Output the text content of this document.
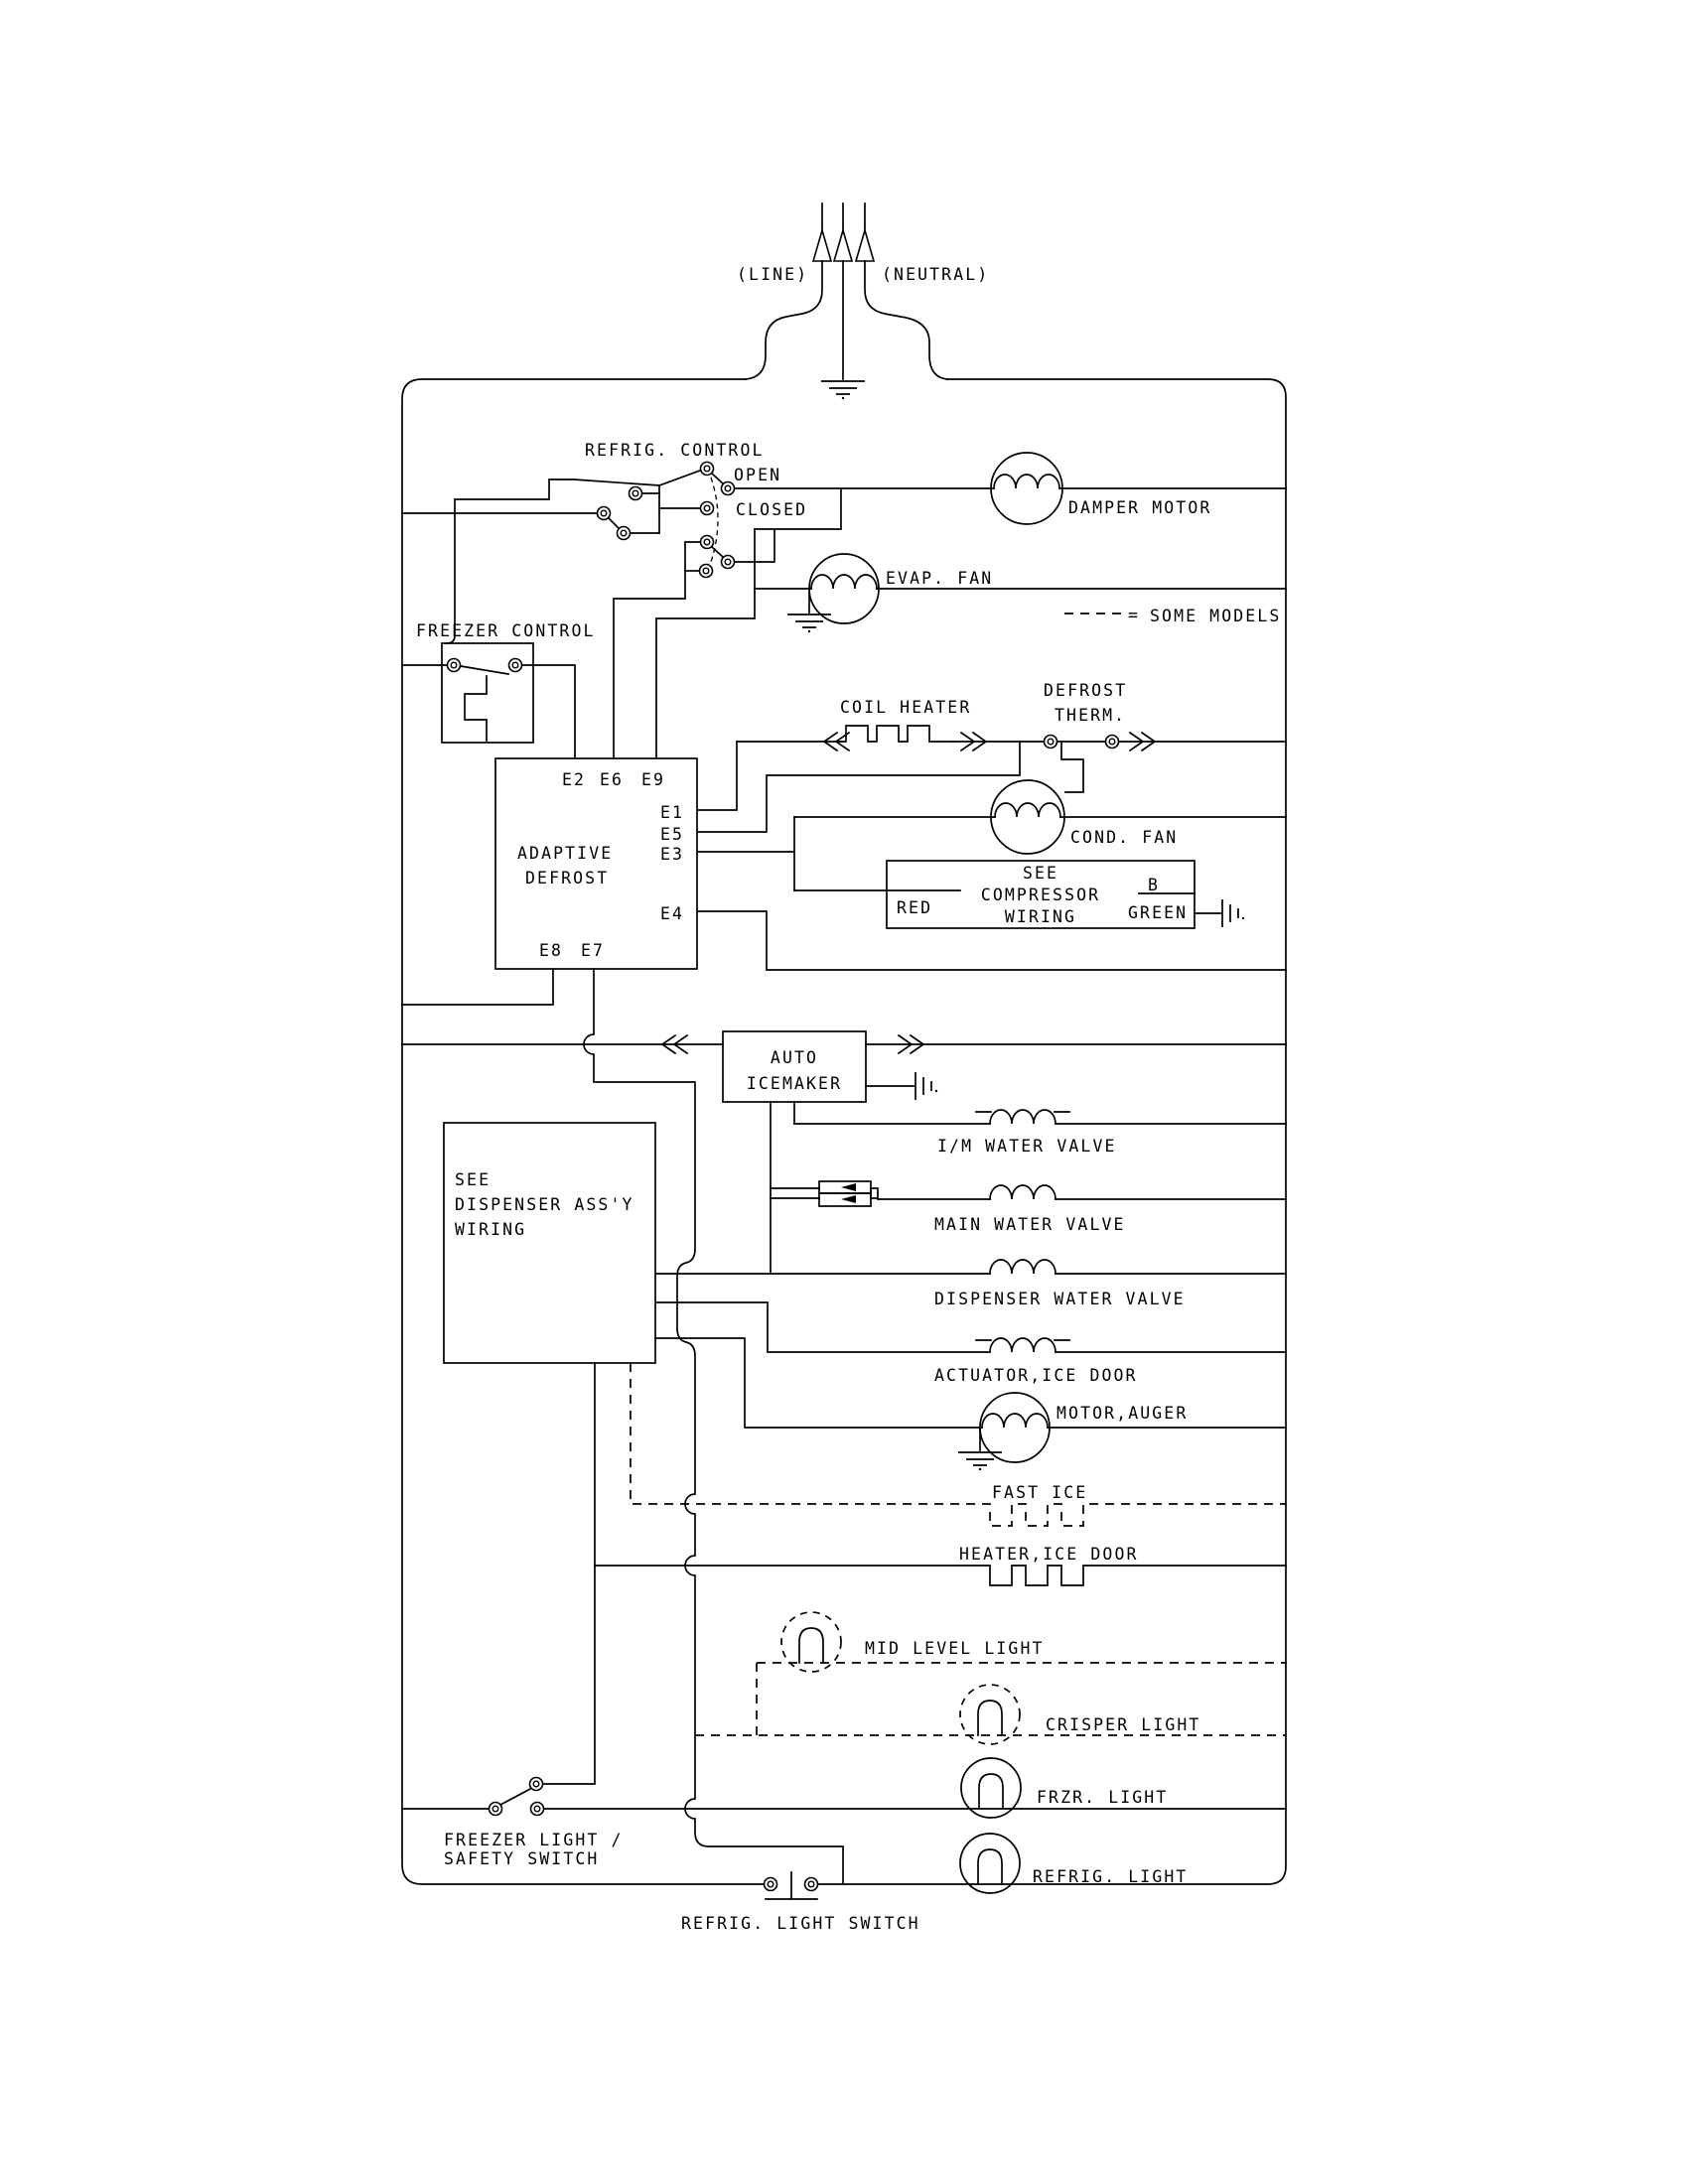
(LINE)	(NEUTRAL)
= SOME MODELS
REFRIG. CONTROL
OPEN
CLOSED	DAMPER MOTOR
EVAP. FAN
FREEZER CONTROL
E2 E6 E9
E1
E5
E3
E4
E8 E7
ADAPTIVE
DEFROST
COIL HEATER
DEFROST
THERM.
COND. FAN
SEE
COMPRESSOR
WIRING
RED
B
GREEN
AUTO
ICEMAKER
I/M WATER VALVE
MAIN WATER VALVE
DISPENSER WATER VALVE
ACTUATOR,ICE DOOR
MOTOR,AUGER
SEE
DISPENSER ASS'Y
WIRING
FAST ICE
HEATER,ICE DOOR
MID LEVEL LIGHT
CRISPER LIGHT
FRZR. LIGHT
REFRIG. LIGHT
FREEZER LIGHT /
SAFETY SWITCH
REFRIG. LIGHT SWITCH
